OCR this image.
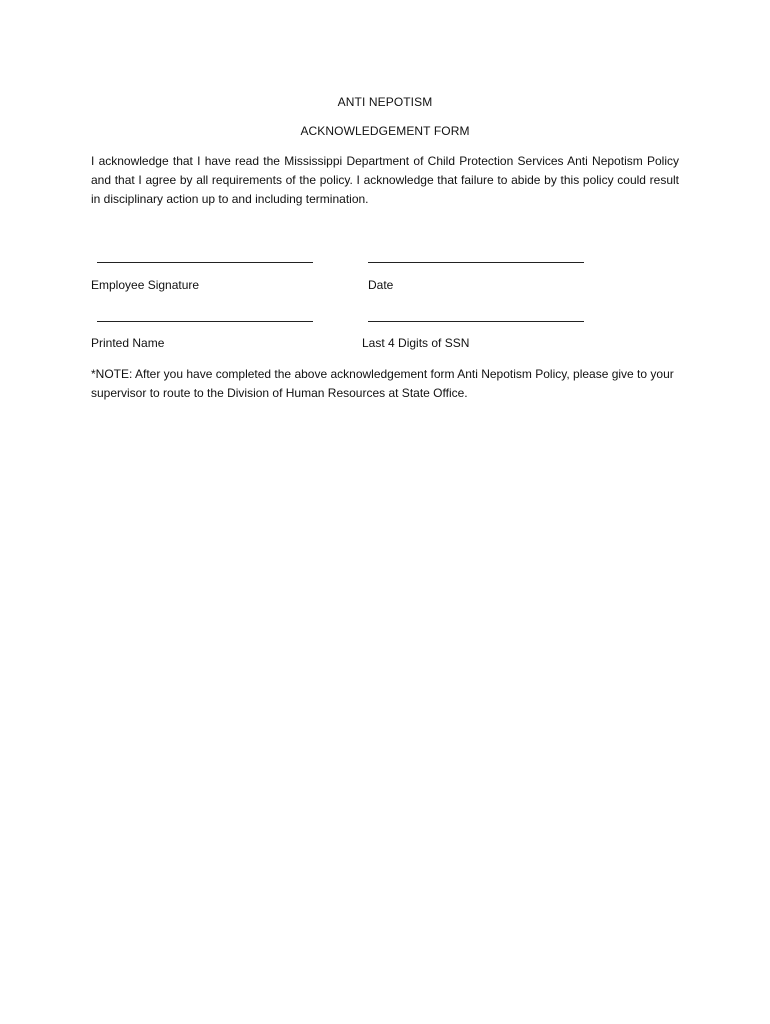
ANTI NEPOTISM
ACKNOWLEDGEMENT FORM
I acknowledge that I have read the Mississippi Department of Child Protection Services Anti Nepotism Policy and that I agree by all requirements of the policy. I acknowledge that failure to abide by this policy could result in disciplinary action up to and including termination.
Employee Signature	Date
Printed Name	Last 4 Digits of SSN
*NOTE: After you have completed the above acknowledgement form Anti Nepotism Policy, please give to your supervisor to route to the Division of Human Resources at State Office.
